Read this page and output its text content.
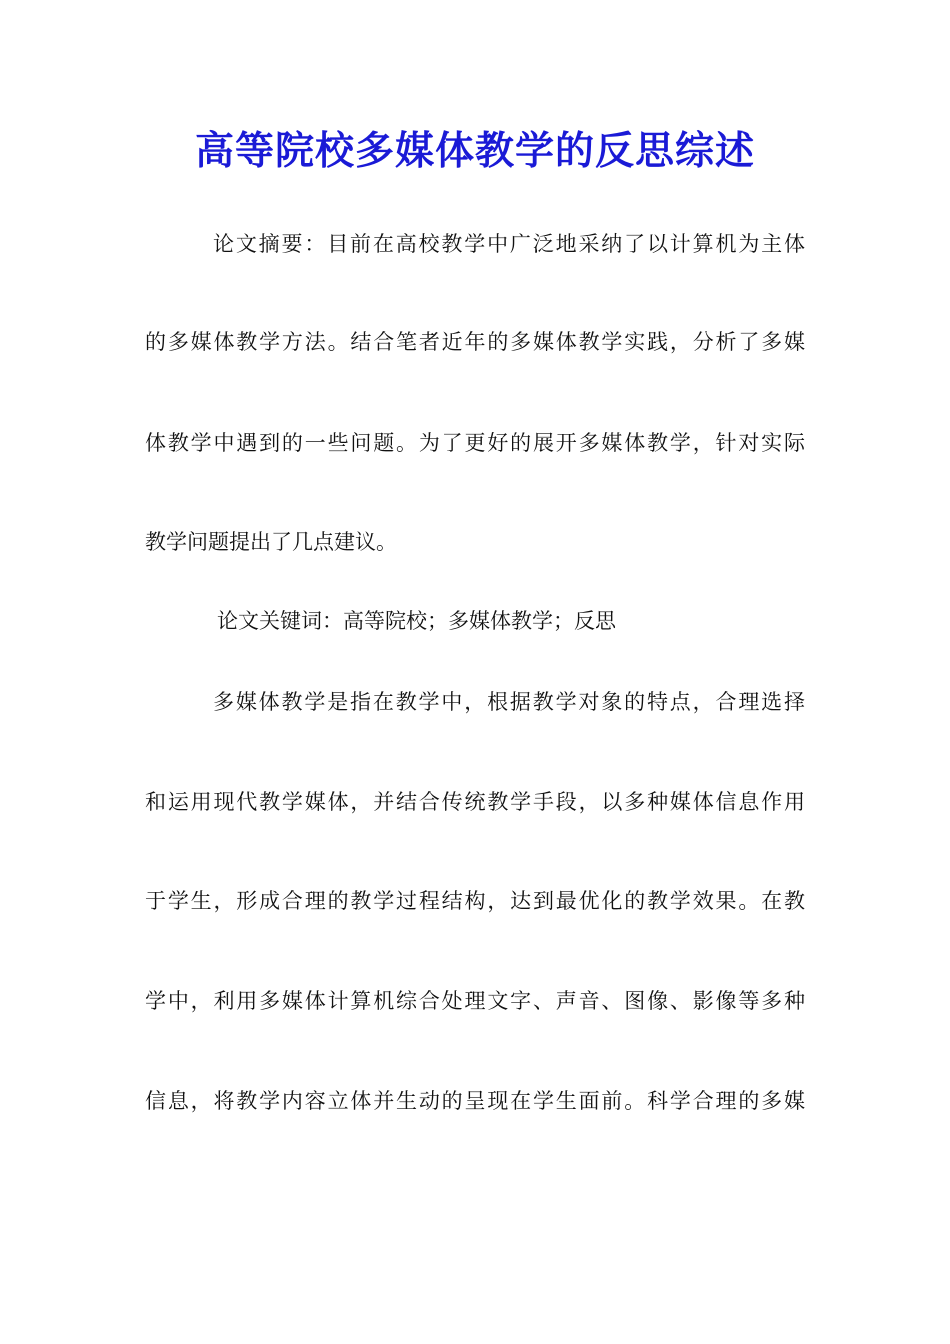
高等院校多媒体教学的反思综述
论文摘要：目前在高校教学中广泛地采纳了以计算机为主体
的多媒体教学方法。结合笔者近年的多媒体教学实践，分析了多媒
体教学中遇到的一些问题。为了更好的展开多媒体教学，针对实际
教学问题提出了几点建议。
论文关键词：高等院校；多媒体教学；反思
多媒体教学是指在教学中，根据教学对象的特点，合理选择
和运用现代教学媒体，并结合传统教学手段，以多种媒体信息作用
于学生，形成合理的教学过程结构，达到最优化的教学效果。在教
学中，利用多媒体计算机综合处理文字、声音、图像、影像等多种
信息，将教学内容立体并生动的呈现在学生面前。科学合理的多媒
